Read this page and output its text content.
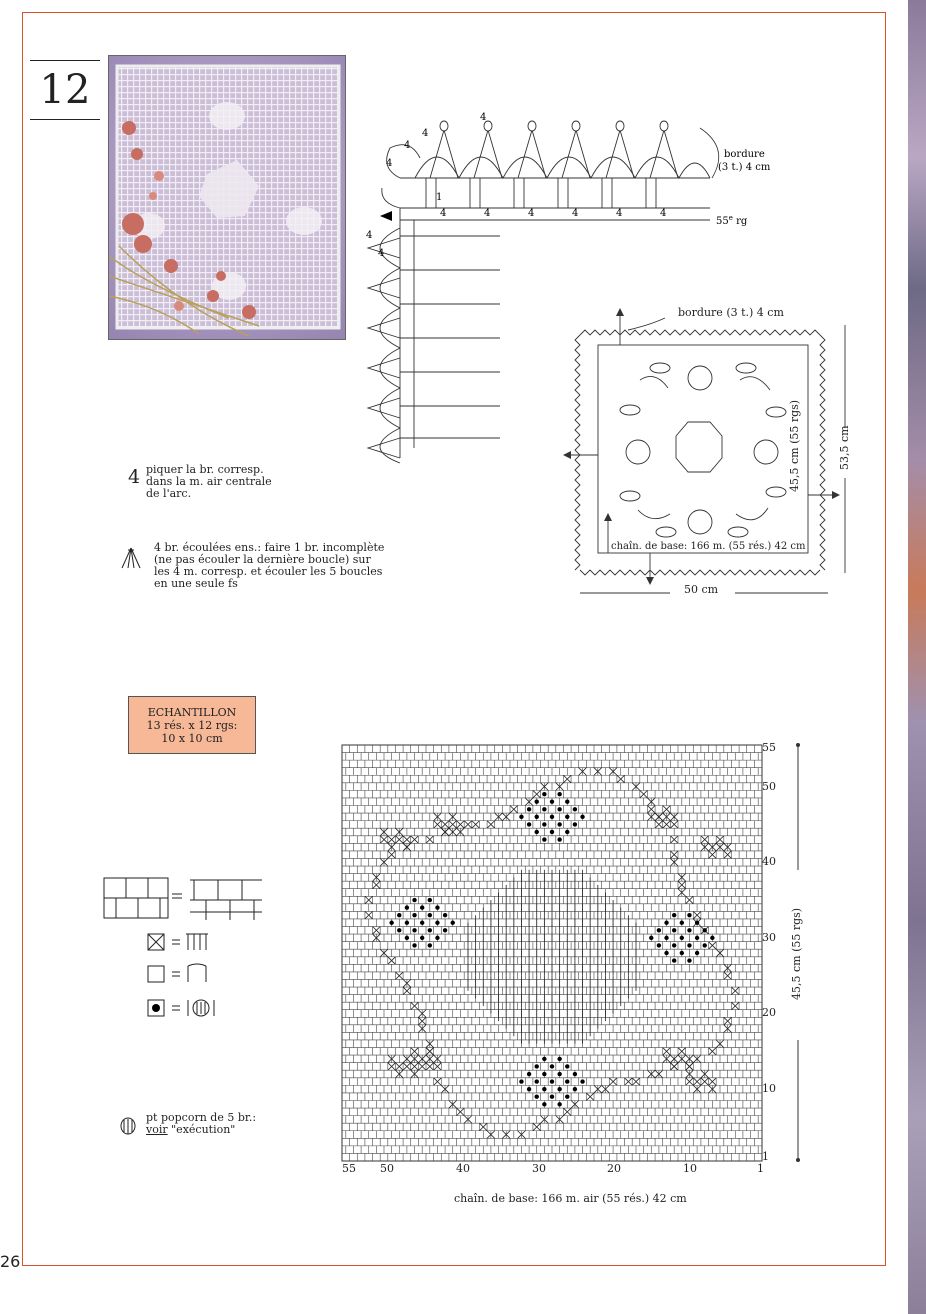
12
4	4	4	4	4	4
4
4
4
4
4
4
1
bordure
(3 t.) 4 cm
55e rg
bordure (3 t.) 4 cm
45,5 cm (55 rgs)	53,5 cm
chaîn. de base: 166 m. (55 rés.) 42 cm
50 cm
4 piquer la br. corresp.
dans la m. air centrale
de l'arc.
4 br. écoulées ens.: faire 1 br. incomplète
(ne pas écouler la dernière boucle) sur
les 4 m. corresp. et écouler les 5 boucles
en une seule fs
ECHANTILLON
13 rés. x 12 rgs:
10 x 10 cm
pt popcorn de 5 br.:
voir "exécution"
55
50
40
30
20
10
1
55 50	40	30	20	10	1
45,5 cm (55 rgs)
chaîn. de base: 166 m. air (55 rés.) 42 cm
26
